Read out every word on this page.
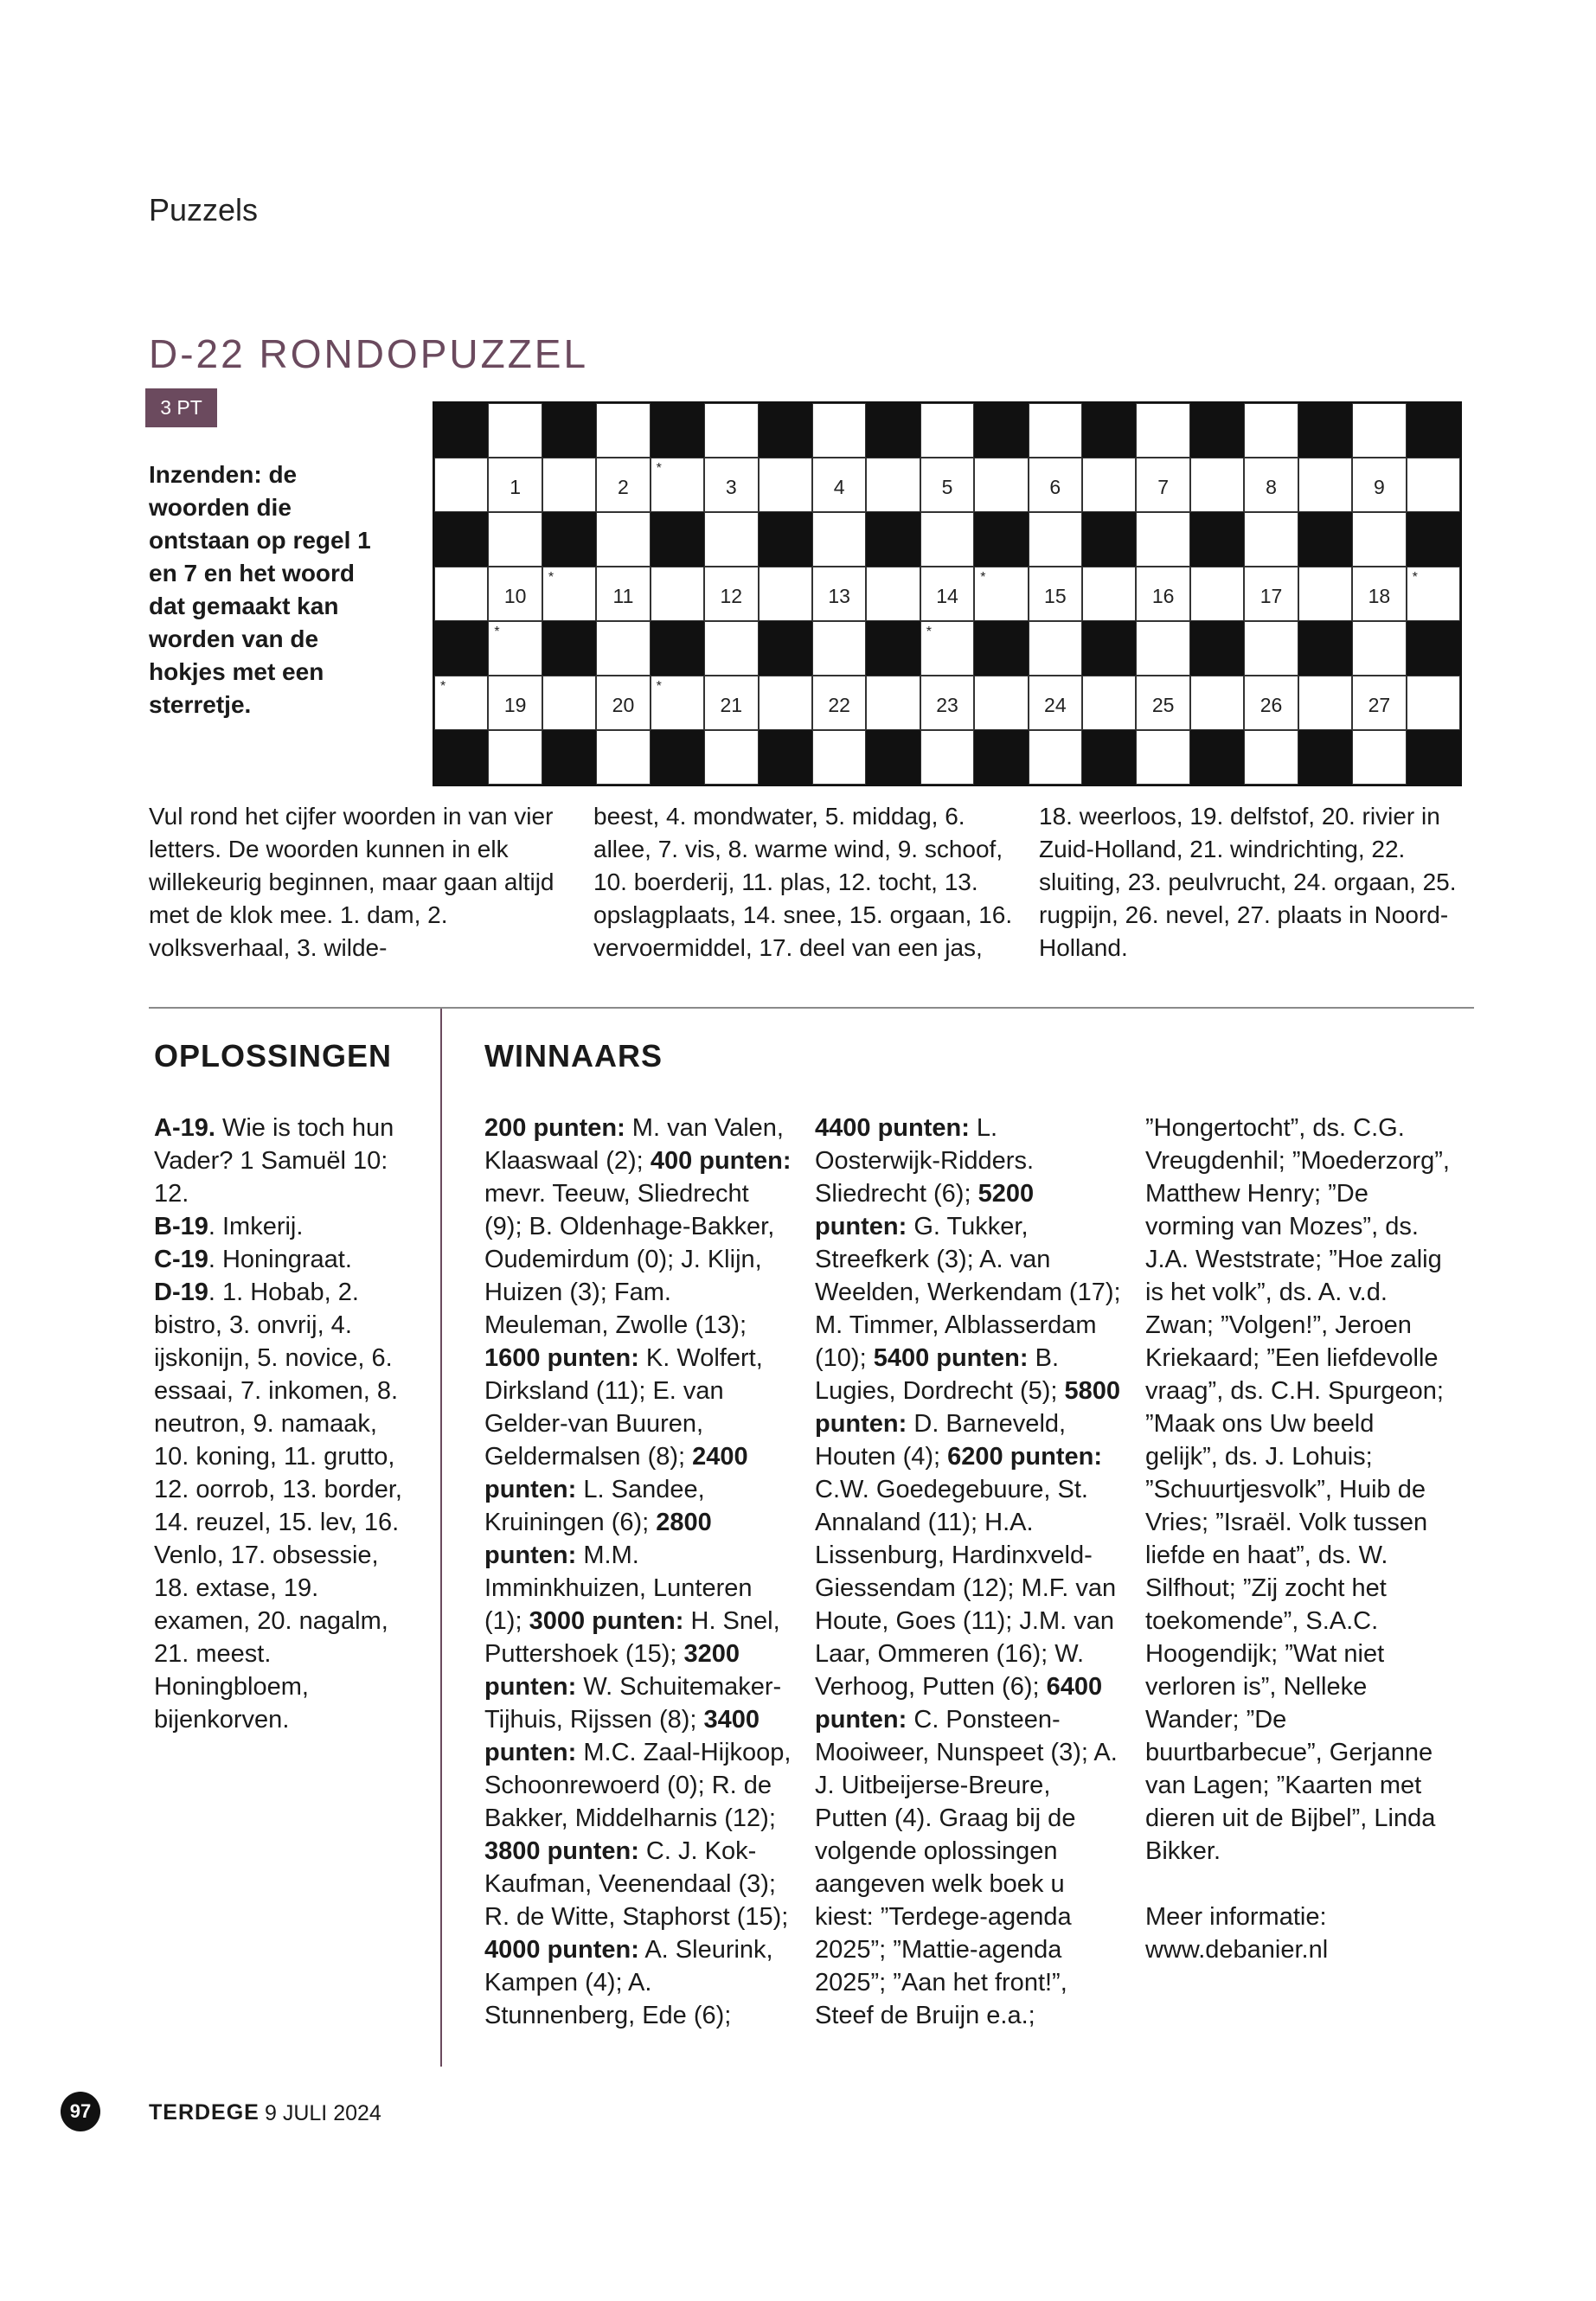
Puzzels
D-22 RONDOPUZZEL
3 PT
Inzenden: de woorden die ontstaan op regel 1 en 7 en het woord dat gemaakt kan worden van de hokjes met een sterretje.
1	2
*
3	4	5	6	7	8	9
10
*
11	12	13	14
*
15	16	17	18
*
*	*
*
19	20
*
21	22	23	24	25	26	27
Vul rond het cijfer woorden in van vier letters. De woorden kunnen in elk willekeurig beginnen, maar gaan altijd met de klok mee. 1. dam, 2. volksverhaal, 3. wilde-
beest, 4. mondwater, 5. middag, 6. allee, 7. vis, 8. warme wind, 9. schoof, 10. boerderij, 11. plas, 12. tocht, 13. opslagplaats, 14. snee, 15. orgaan, 16. vervoermiddel, 17. deel van een jas,
18. weerloos, 19. delfstof, 20. rivier in Zuid-Holland, 21. windrichting, 22. sluiting, 23. peulvrucht, 24. orgaan, 25. rugpijn, 26. nevel, 27. plaats in Noord-Holland.
OPLOSSINGEN	WINNAARS
A-19. Wie is toch hun Vader? 1 Samuël 10: 12.
B-19. Imkerij.
C-19. Honingraat.
D-19. 1. Hobab, 2. bistro, 3. onvrij, 4. ijskonijn, 5. novice, 6. essaai, 7. inkomen, 8. neutron, 9. namaak, 10. koning, 11. grutto, 12. oorrob, 13. border, 14. reuzel, 15. lev, 16. Venlo, 17. obsessie, 18. extase, 19. examen, 20. nagalm, 21. meest. Honingbloem, bijenkorven.
200 punten: M. van Valen, Klaaswaal (2); 400 punten: mevr. Teeuw, Sliedrecht (9); B. Oldenhage-Bakker, Oudemirdum (0); J. Klijn, Huizen (3); Fam. Meuleman, Zwolle (13); 1600 punten: K. Wolfert, Dirksland (11); E. van Gelder-van Buuren, Geldermalsen (8); 2400 punten: L. Sandee, Kruiningen (6); 2800 punten: M.M. Imminkhuizen, Lunteren (1); 3000 punten: H. Snel, Puttershoek (15); 3200 punten: W. Schuitemaker-Tijhuis, Rijssen (8); 3400 punten: M.C. Zaal-Hijkoop, Schoonrewoerd (0); R. de Bakker, Middelharnis (12); 3800 punten: C. J. Kok-Kaufman, Veenendaal (3); R. de Witte, Staphorst (15); 4000 punten: A. Sleurink, Kampen (4); A. Stunnenberg, Ede (6);
4400 punten: L. Oosterwijk-Ridders. Sliedrecht (6); 5200 punten: G. Tukker, Streefkerk (3); A. van Weelden, Werkendam (17); M. Timmer, Alblasserdam (10); 5400 punten: B. Lugies, Dordrecht (5); 5800 punten: D. Barneveld, Houten (4); 6200 punten: C.W. Goedegebuure, St. Annaland (11); H.A. Lissenburg, Hardinxveld-Giessendam (12); M.F. van Houte, Goes (11); J.M. van Laar, Ommeren (16); W. Verhoog, Putten (6); 6400 punten: C. Ponsteen-Mooiweer, Nunspeet (3); A. J. Uitbeijerse-Breure, Putten (4). Graag bij de volgende oplossingen aangeven welk boek u kiest: ”Terdege-agenda 2025”; ”Mattie-agenda 2025”; ”Aan het front!”, Steef de Bruijn e.a.;
”Hongertocht”, ds. C.G. Vreugdenhil; ”Moederzorg”, Matthew Henry; ”De vorming van Mozes”, ds. J.A. Weststrate; ”Hoe zalig is het volk”, ds. A. v.d. Zwan; ”Volgen!”, Jeroen Kriekaard; ”Een liefdevolle vraag”, ds. C.H. Spurgeon; ”Maak ons Uw beeld gelijk”, ds. J. Lohuis; ”Schuurtjesvolk”, Huib de Vries; ”Israël. Volk tussen liefde en haat”, ds. W. Silfhout; ”Zij zocht het toekomende”, S.A.C. Hoogendijk; ”Wat niet verloren is”, Nelleke Wander; ”De buurtbarbecue”, Gerjanne van Lagen; ”Kaarten met dieren uit de Bijbel”, Linda Bikker.
Meer informatie: www.debanier.nl
97	TERDEGE 9 JULI 2024
